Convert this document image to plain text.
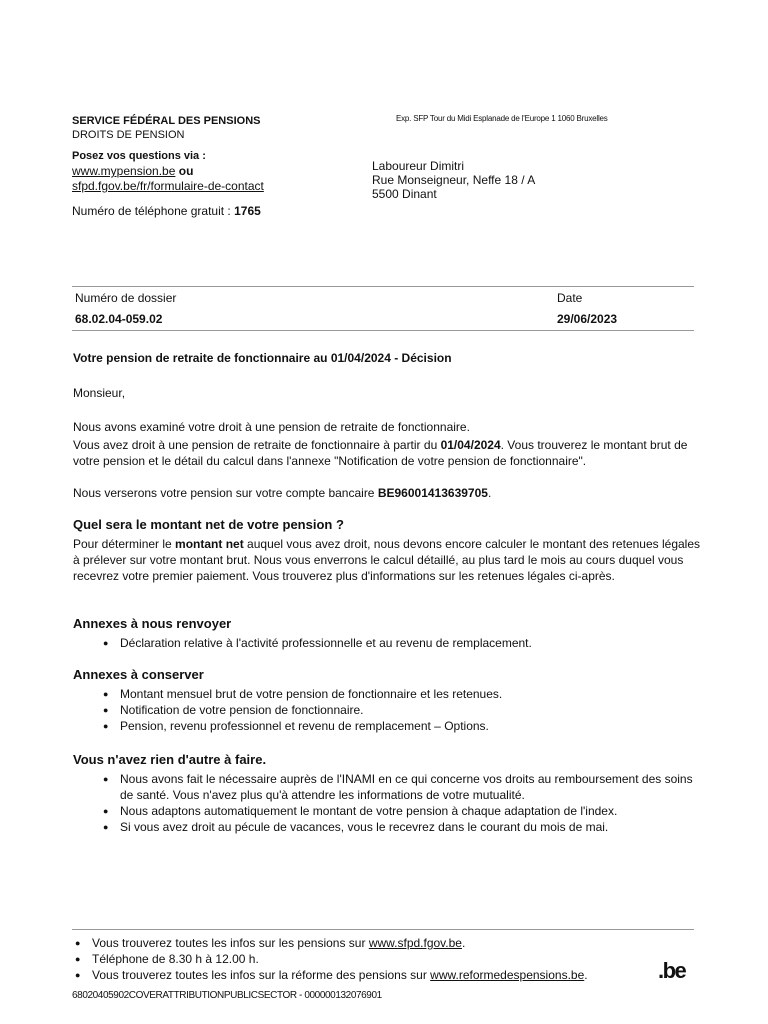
SERVICE FÉDÉRAL DES PENSIONS
DROITS DE PENSION
Posez vos questions via :
www.mypension.be ou
sfpd.fgov.be/fr/formulaire-de-contact
Numéro de téléphone gratuit : 1765
Exp. SFP Tour du Midi Esplanade de l'Europe 1 1060 Bruxelles
Laboureur Dimitri
Rue Monseigneur, Neffe 18 / A
5500 Dinant
Numéro de dossier
68.02.04-059.02
Date
29/06/2023
Votre pension de retraite de fonctionnaire au 01/04/2024 - Décision
Monsieur,
Nous avons examiné votre droit à une pension de retraite de fonctionnaire.
Vous avez droit à une pension de retraite de fonctionnaire à partir du 01/04/2024. Vous trouverez le montant brut de votre pension et le détail du calcul dans l'annexe "Notification de votre pension de fonctionnaire".
Nous verserons votre pension sur votre compte bancaire BE96001413639705.
Quel sera le montant net de votre pension ?
Pour déterminer le montant net auquel vous avez droit, nous devons encore calculer le montant des retenues légales à prélever sur votre montant brut. Nous vous enverrons le calcul détaillé, au plus tard le mois au cours duquel vous recevrez votre premier paiement. Vous trouverez plus d'informations sur les retenues légales ci-après.
Annexes à nous renvoyer
● Déclaration relative à l'activité professionnelle et au revenu de remplacement.
Annexes à conserver
● Montant mensuel brut de votre pension de fonctionnaire et les retenues.
● Notification de votre pension de fonctionnaire.
● Pension, revenu professionnel et revenu de remplacement – Options.
Vous n'avez rien d'autre à faire.
● Nous avons fait le nécessaire auprès de l'INAMI en ce qui concerne vos droits au remboursement des soins de santé. Vous n'avez plus qu'à attendre les informations de votre mutualité.
● Nous adaptons automatiquement le montant de votre pension à chaque adaptation de l'index.
● Si vous avez droit au pécule de vacances, vous le recevrez dans le courant du mois de mai.
● Vous trouverez toutes les infos sur les pensions sur www.sfpd.fgov.be.
● Téléphone de 8.30 h à 12.00 h.
● Vous trouverez toutes les infos sur la réforme des pensions sur www.reformedespensions.be.
68020405902COVERATTRIBUTIONPUBLICSECTOR - 000000132076901
.be
